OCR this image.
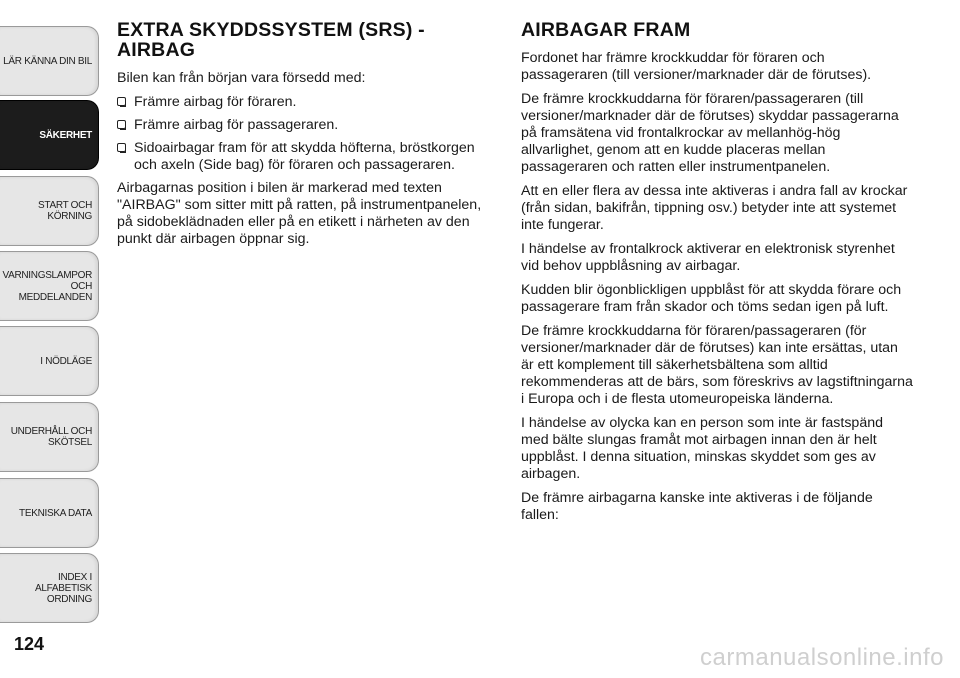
LÄR KÄNNA DIN BIL
SÄKERHET
START OCH
KÖRNING
VARNINGSLAMPOR
OCH
MEDDELANDEN
I NÖDLÄGE
UNDERHÅLL OCH
SKÖTSEL
TEKNISKA DATA
INDEX I ALFABETISK
ORDNING
124
EXTRA SKYDDSSYSTEM (SRS) - AIRBAG

Bilen kan från början vara försedd med:

Främre airbag för föraren.
Främre airbag för passageraren.
Sidoairbagar fram för att skydda höfterna, bröstkorgen och axeln (Side bag) för föraren och passageraren.

Airbagarnas position i bilen är markerad med texten "AIRBAG" som sitter mitt på ratten, på instrumentpanelen, på sidobeklädnaden eller på en etikett i närheten av den punkt där airbagen öppnar sig.

AIRBAGAR FRAM

Fordonet har främre krockkuddar för föraren och passageraren (till versioner/marknader där de förutses).

De främre krockkuddarna för föraren/passageraren (till versioner/marknader där de förutses) skyddar passagerarna på framsätena vid frontalkrockar av mellanhög-hög allvarlighet, genom att en kudde placeras mellan passageraren och ratten eller instrumentpanelen.

Att en eller flera av dessa inte aktiveras i andra fall av krockar (från sidan, bakifrån, tippning osv.) betyder inte att systemet inte fungerar.

I händelse av frontalkrock aktiverar en elektronisk styrenhet vid behov uppblåsning av airbagar.

Kudden blir ögonblickligen uppblåst för att skydda förare och passagerare fram från skador och töms sedan igen på luft.

De främre krockkuddarna för föraren/passageraren (för versioner/marknader där de förutses) kan inte ersättas, utan är ett komplement till säkerhetsbältena som alltid rekommenderas att de bärs, som föreskrivs av lagstiftningarna i Europa och i de flesta utomeuropeiska länderna.

I händelse av olycka kan en person som inte är fastspänd med bälte slungas framåt mot airbagen innan den är helt uppblåst. I denna situation, minskas skyddet som ges av airbagen.

De främre airbagarna kanske inte aktiveras i de följande fallen:

carmanualsonline.info
